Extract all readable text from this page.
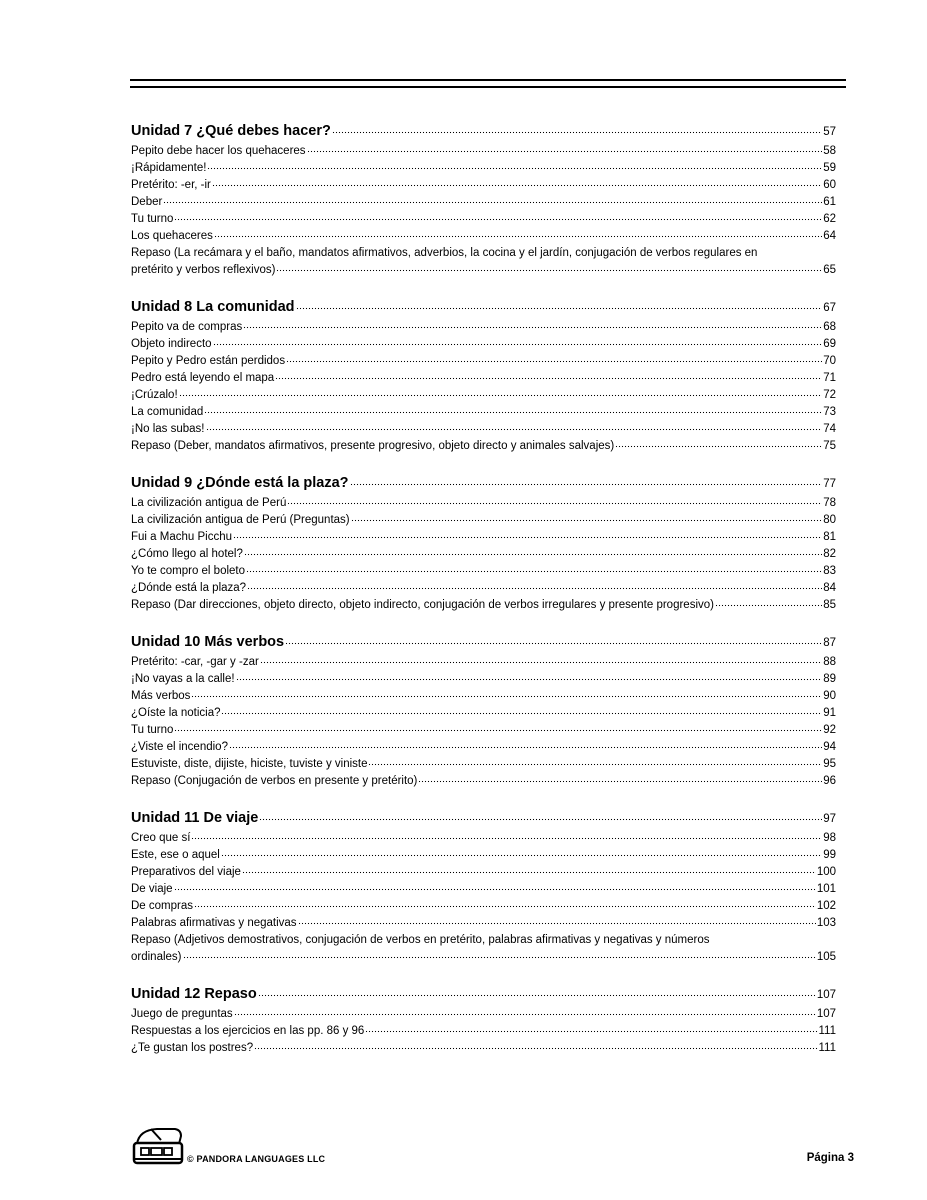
Unidad 7 ¿Qué debes hacer?	57
Pepito debe hacer los quehaceres	58
¡Rápidamente!	59
Pretérito: -er, -ir	60
Deber	61
Tu turno	62
Los quehaceres	64
Repaso (La recámara y el baño, mandatos afirmativos, adverbios, la cocina y el jardín, conjugación de verbos regulares en
pretérito y verbos reflexivos)	65
Unidad 8 La comunidad	67
Pepito va de compras	68
Objeto indirecto	69
Pepito y Pedro están perdidos	70
Pedro está leyendo el mapa	71
¡Crúzalo!	72
La comunidad	73
¡No las subas!	74
Repaso (Deber, mandatos afirmativos, presente progresivo, objeto directo y animales salvajes)	75
Unidad 9 ¿Dónde está la plaza?	77
La civilización antigua de Perú	78
La civilización antigua de Perú (Preguntas)	80
Fui a Machu Picchu	81
¿Cómo llego al hotel?	82
Yo te compro el boleto	83
¿Dónde está la plaza?	84
Repaso (Dar direcciones, objeto directo, objeto indirecto, conjugación de verbos irregulares y presente progresivo)	85
Unidad 10 Más verbos	87
Pretérito: -car, -gar y -zar	88
¡No vayas a la calle!	89
Más verbos	90
¿Oíste la noticia?	91
Tu turno	92
¿Viste el incendio?	94
Estuviste, diste, dijiste, hiciste, tuviste y viniste	95
Repaso (Conjugación de verbos en presente y pretérito)	96
Unidad 11 De viaje	97
Creo que sí	98
Este, ese o aquel	99
Preparativos del viaje	100
De viaje	101
De compras	102
Palabras afirmativas y negativas	103
Repaso (Adjetivos demostrativos, conjugación de verbos en pretérito, palabras afirmativas y negativas y números
ordinales)	105
Unidad 12 Repaso	107
Juego de preguntas	107
Respuestas a los ejercicios en las pp. 86 y 96	111
¿Te gustan los postres?	111
© PANDORA LANGUAGES LLC	Página 3
